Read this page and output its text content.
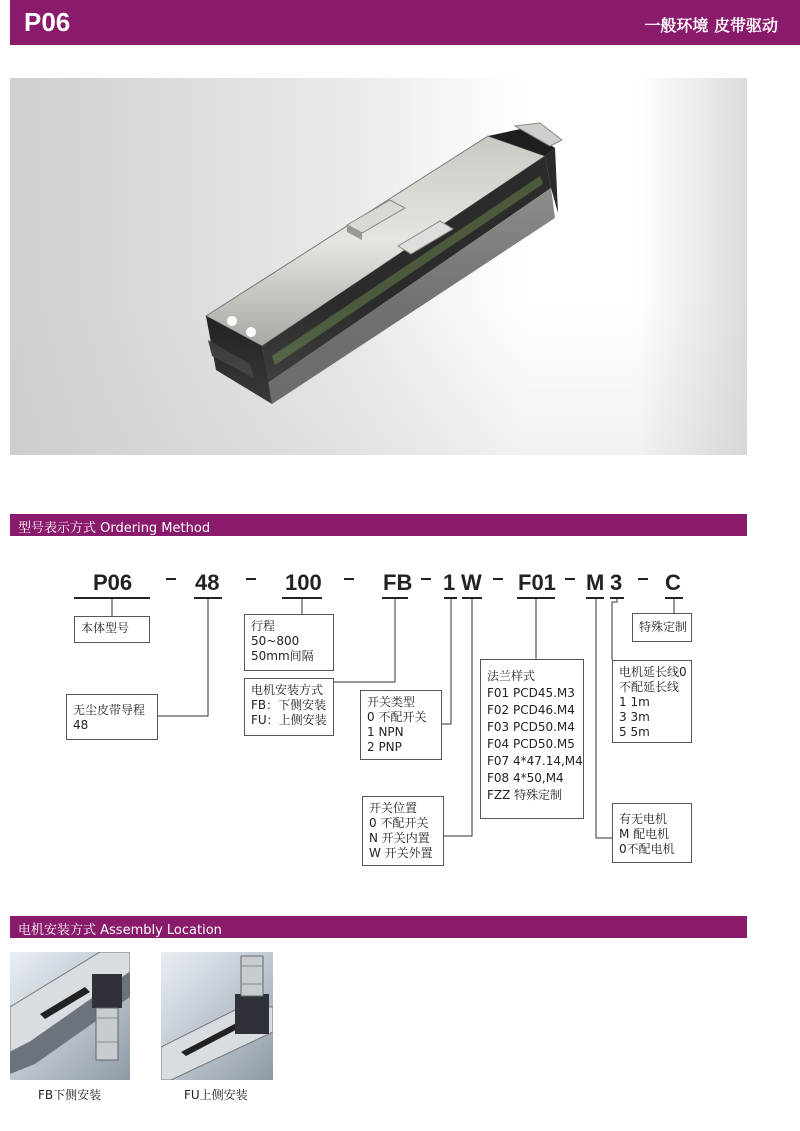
P06	一般环境 皮带驱动
型号表示方式 Ordering Method
P06	48	100	FB 1 W F01 M 3 C
本体型号
无尘皮带导程
48
行程
50~800
50mm间隔
电机安装方式
FB：下侧安装
FU：上侧安装
开关类型
0 不配开关
1 NPN
2 PNP
开关位置
0 不配开关
N 开关内置
W 开关外置
法兰样式
F01 PCD45.M3
F02 PCD46.M4
F03 PCD50.M4
F04 PCD50.M5
F07 4*47.14,M4
F08 4*50,M4
FZZ 特殊定制
有无电机
M 配电机
0不配电机
电机延长线0
不配延长线
1 1m
3 3m
5 5m
特殊定制
电机安装方式 Assembly Location
FB下侧安装	FU上侧安装
